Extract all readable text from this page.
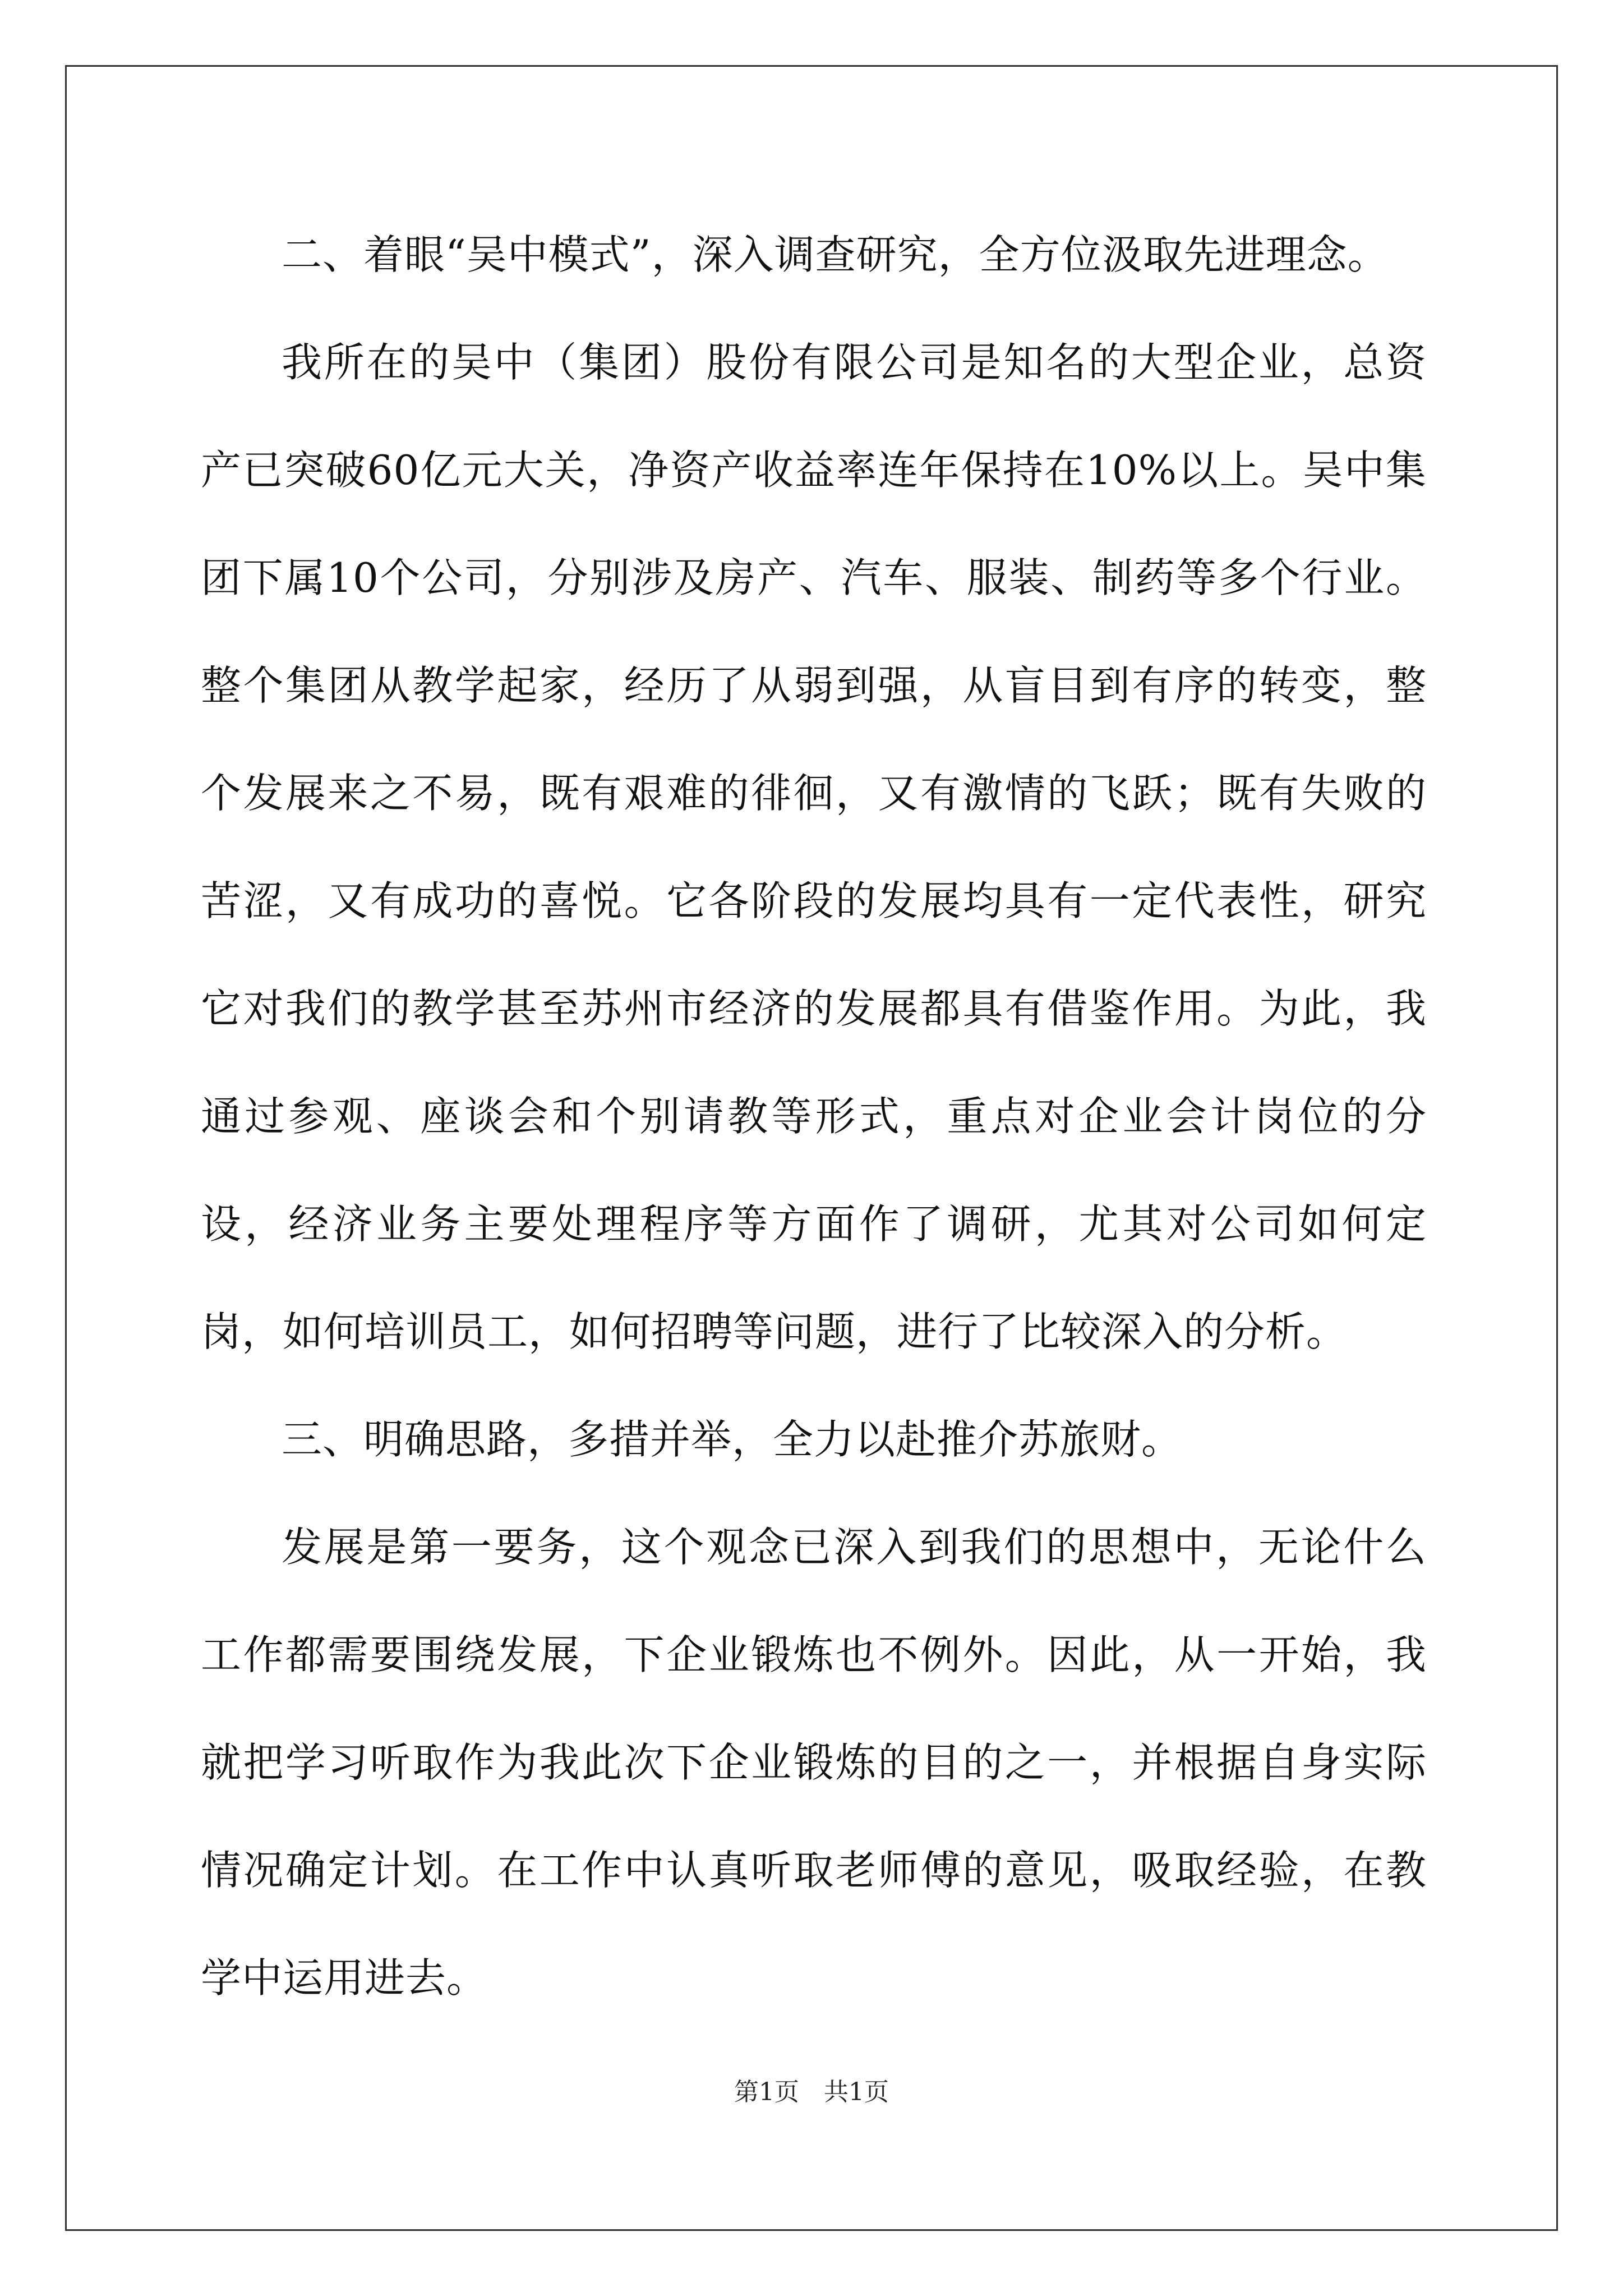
二、着眼“吴中模式”，深入调查研究，全方位汲取先进理念。

我所在的吴中（集团）股份有限公司是知名的大型企业，总资产已突破60亿元大关，净资产收益率连年保持在10%以上。吴中集团下属10个公司，分别涉及房产、汽车、服装、制药等多个行业。整个集团从教学起家，经历了从弱到强，从盲目到有序的转变，整个发展来之不易，既有艰难的徘徊，又有激情的飞跃；既有失败的苦涩，又有成功的喜悦。它各阶段的发展均具有一定代表性，研究它对我们的教学甚至苏州市经济的发展都具有借鉴作用。为此，我通过参观、座谈会和个别请教等形式，重点对企业会计岗位的分设，经济业务主要处理程序等方面作了调研，尤其对公司如何定岗，如何培训员工，如何招聘等问题，进行了比较深入的分析。

三、明确思路，多措并举，全力以赴推介苏旅财。

发展是第一要务，这个观念已深入到我们的思想中，无论什么工作都需要围绕发展，下企业锻炼也不例外。因此，从一开始，我就把学习听取作为我此次下企业锻炼的目的之一，并根据自身实际情况确定计划。在工作中认真听取老师傅的意见，吸取经验，在教学中运用进去。

第1页　共1页
